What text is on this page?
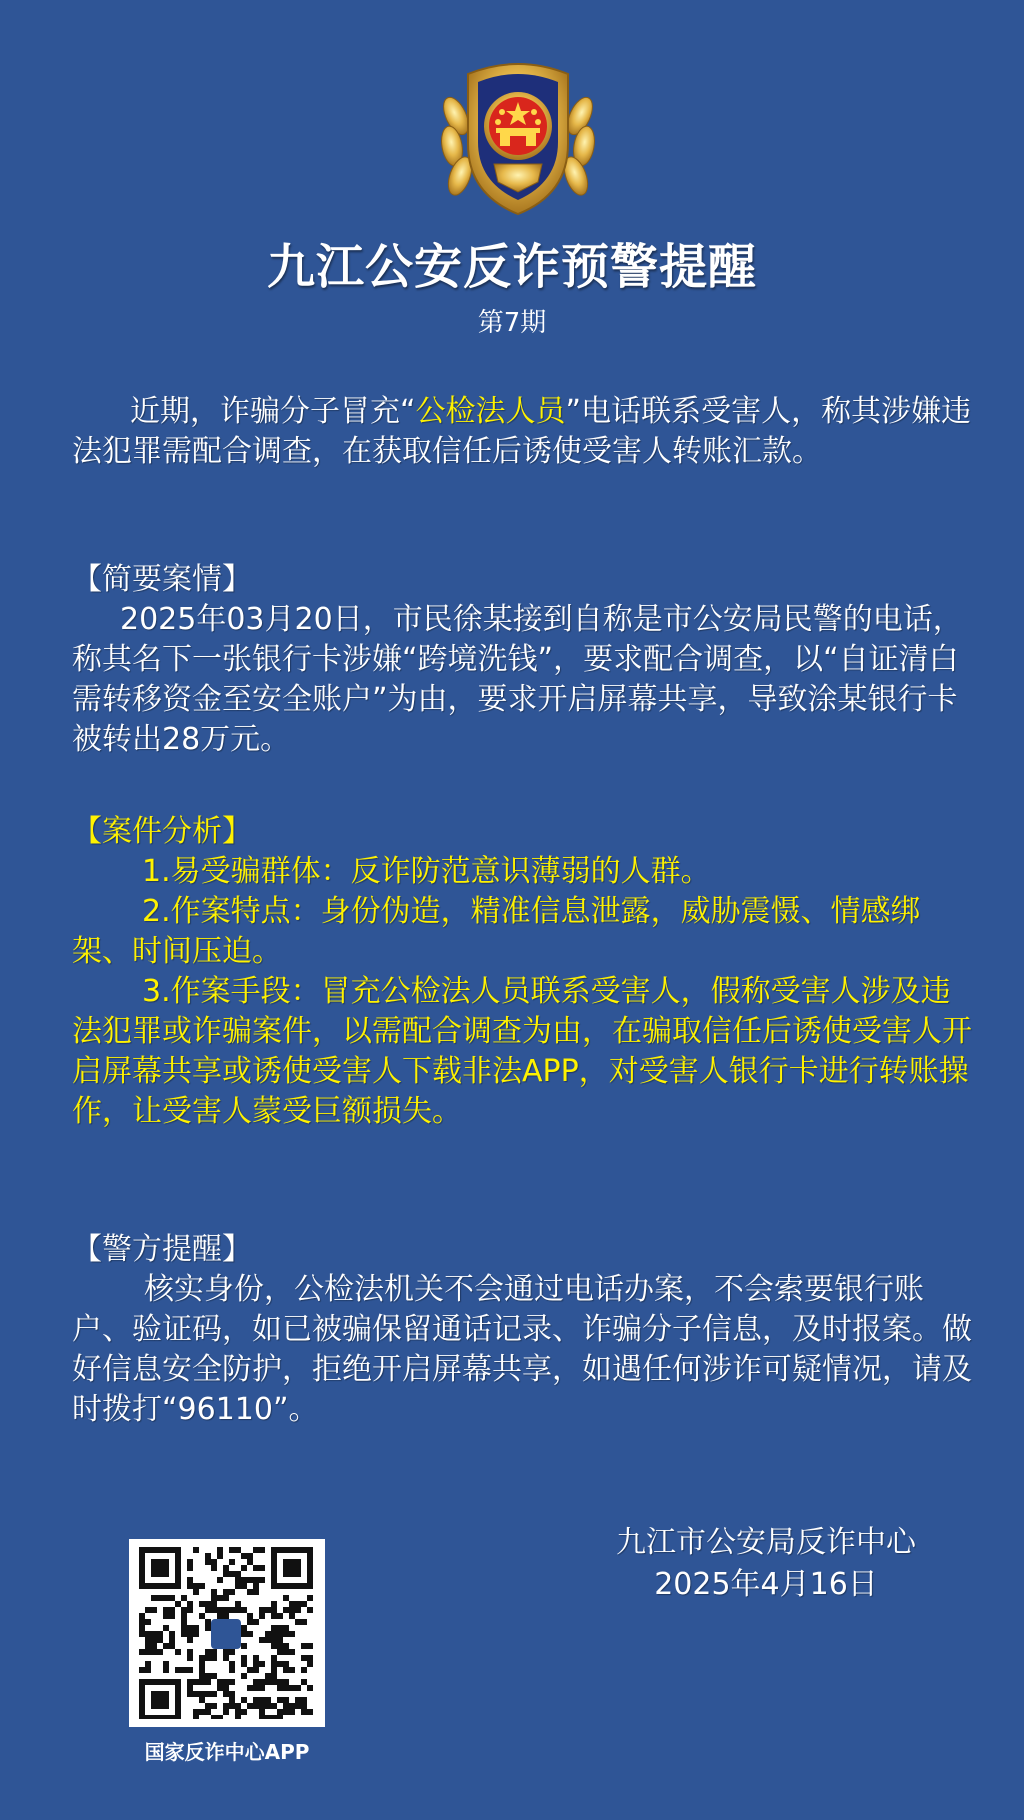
九江公安反诈预警提醒
第7期

近期，诈骗分子冒充“公检法人员”电话联系受害人，称其涉嫌违法犯罪需配合调查，在获取信任后诱使受害人转账汇款。

【简要案情】
2025年03月20日，市民徐某接到自称是市公安局民警的电话，称其名下一张银行卡涉嫌“跨境洗钱”，要求配合调查，以“自证清白需转移资金至安全账户”为由，要求开启屏幕共享，导致涂某银行卡被转出28万元。
【案件分析】
1.易受骗群体：反诈防范意识薄弱的人群。
2.作案特点：身份伪造，精准信息泄露，威胁震慑、情感绑架、时间压迫。
3.作案手段：冒充公检法人员联系受害人，假称受害人涉及违法犯罪或诈骗案件，以需配合调查为由，在骗取信任后诱使受害人开启屏幕共享或诱使受害人下载非法APP，对受害人银行卡进行转账操作，让受害人蒙受巨额损失。
【警方提醒】
核实身份，公检法机关不会通过电话办案，不会索要银行账户、验证码，如已被骗保留通话记录、诈骗分子信息，及时报案。做好信息安全防护，拒绝开启屏幕共享，如遇任何涉诈可疑情况，请及时拨打“96110”。
九江市公安局反诈中心
2025年4月16日
国家反诈中心APP
